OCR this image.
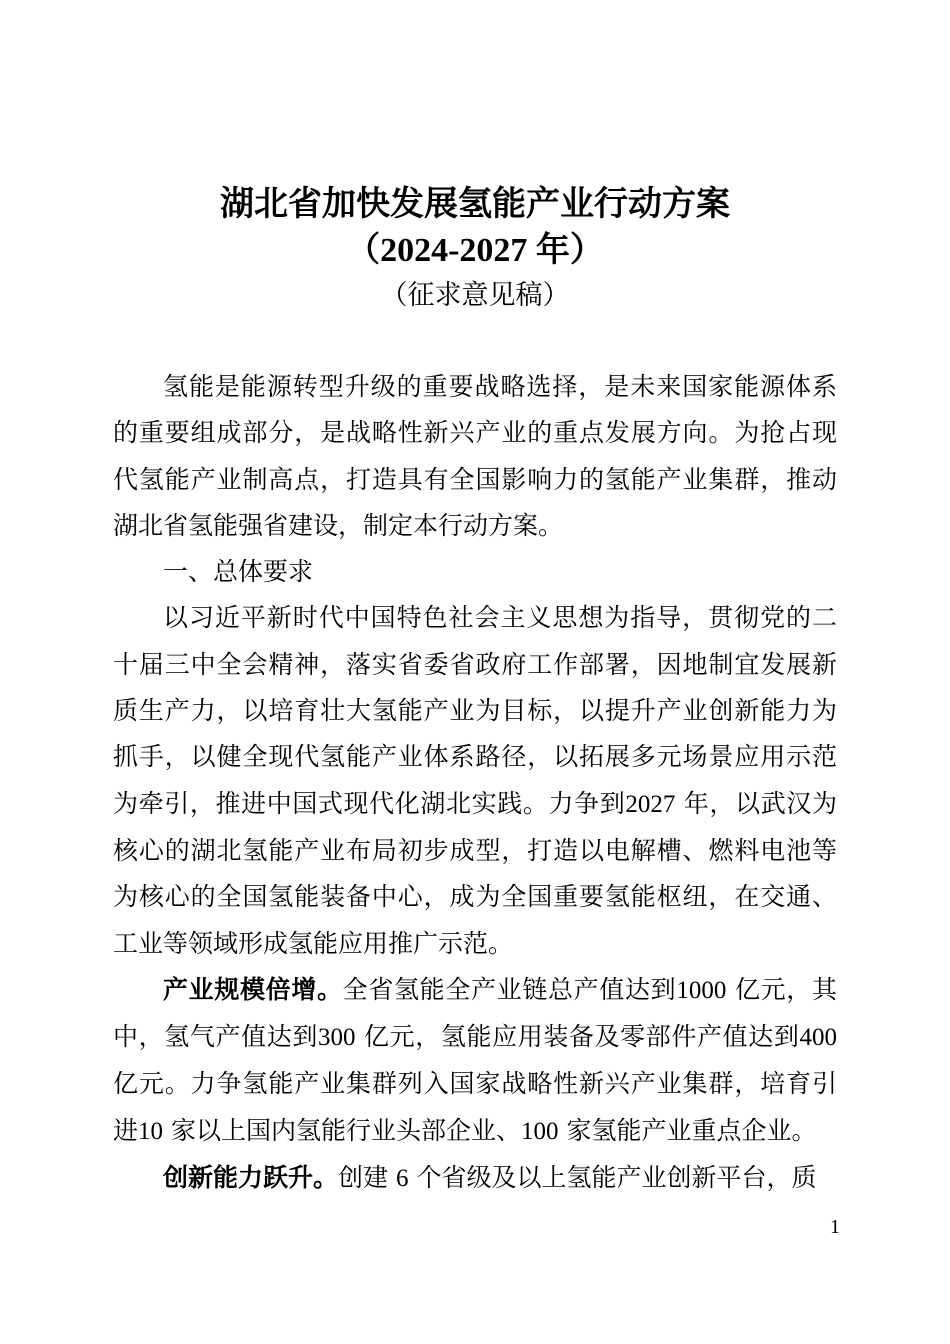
湖北省加快发展氢能产业行动方案
（2024-2027 年）
（征求意见稿）

氢能是能源转型升级的重要战略选择，是未来国家能源体系的重要组成部分，是战略性新兴产业的重点发展方向。为抢占现代氢能产业制高点，打造具有全国影响力的氢能产业集群，推动湖北省氢能强省建设，制定本行动方案。

一、总体要求

以习近平新时代中国特色社会主义思想为指导，贯彻党的二十届三中全会精神，落实省委省政府工作部署，因地制宜发展新质生产力，以培育壮大氢能产业为目标，以提升产业创新能力为抓手，以健全现代氢能产业体系路径，以拓展多元场景应用示范为牵引，推进中国式现代化湖北实践。力争到2027 年，以武汉为核心的湖北氢能产业布局初步成型，打造以电解槽、燃料电池等为核心的全国氢能装备中心，成为全国重要氢能枢纽，在交通、工业等领域形成氢能应用推广示范。

产业规模倍增。全省氢能全产业链总产值达到1000 亿元，其中，氢气产值达到300 亿元，氢能应用装备及零部件产值达到400亿元。力争氢能产业集群列入国家战略性新兴产业集群，培育引进10 家以上国内氢能行业头部企业、100 家氢能产业重点企业。

创新能力跃升。创建 6 个省级及以上氢能产业创新平台，质

1
